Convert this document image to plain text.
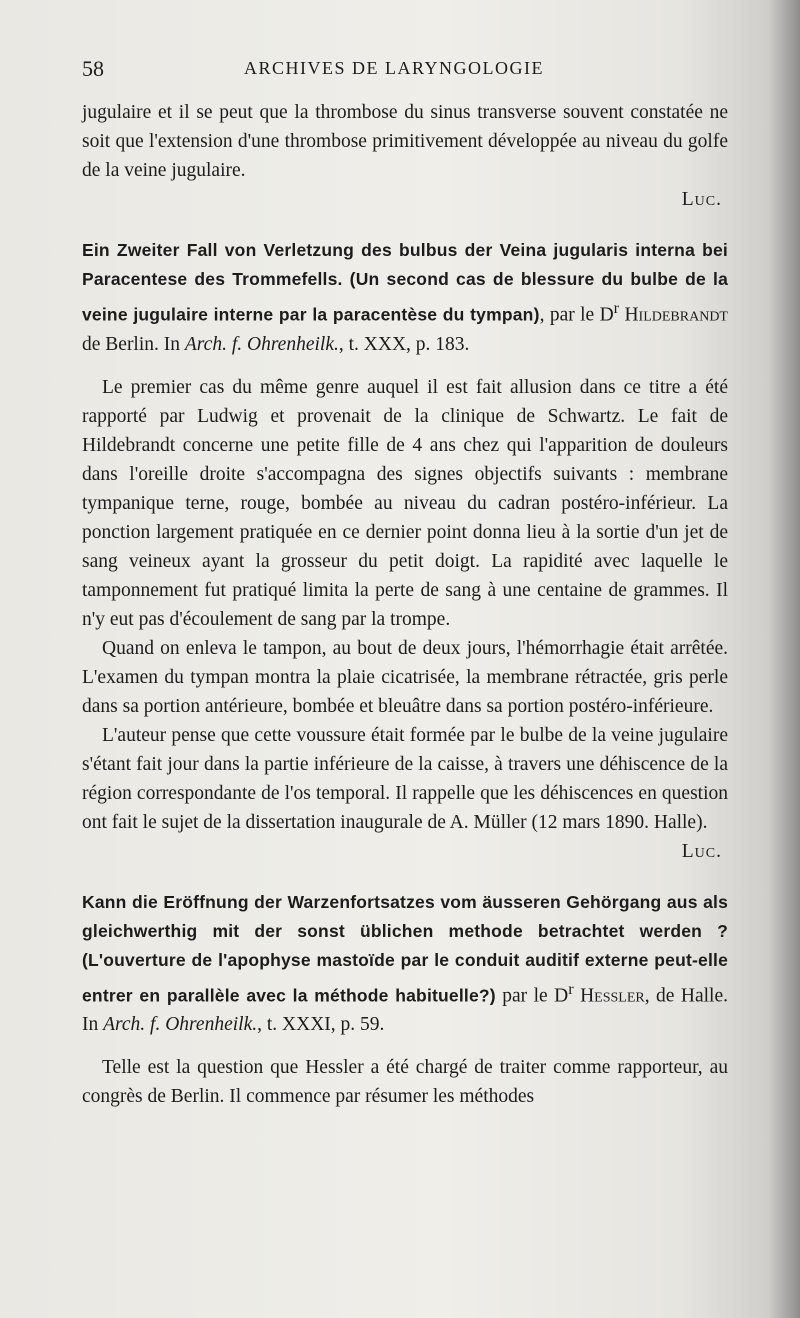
58	ARCHIVES DE LARYNGOLOGIE

jugulaire et il se peut que la thrombose du sinus transverse souvent constatée ne soit que l'extension d'une thrombose primitivement développée au niveau du golfe de la veine jugulaire.

Luc.

Ein Zweiter Fall von Verletzung des bulbus der Veina jugularis interna bei Paracentese des Trommefells. (Un second cas de blessure du bulbe de la veine jugulaire interne par la paracentèse du tympan), par le $D^r$ Hildebrandt de Berlin. In Arch. f. Ohrenheilk., t. XXX, p. 183.

Le premier cas du même genre auquel il est fait allusion dans ce titre a été rapporté par Ludwig et provenait de la clinique de Schwartz. Le fait de Hildebrandt concerne une petite fille de 4 ans chez qui l'apparition de douleurs dans l'oreille droite s'accompagna des signes objectifs suivants : membrane tympanique terne, rouge, bombée au niveau du cadran postéro-inférieur. La ponction largement pratiquée en ce dernier point donna lieu à la sortie d'un jet de sang veineux ayant la grosseur du petit doigt. La rapidité avec laquelle le tamponnement fut pratiqué limita la perte de sang à une centaine de grammes. Il n'y eut pas d'écoulement de sang par la trompe.

Quand on enleva le tampon, au bout de deux jours, l'hémorrhagie était arrêtée. L'examen du tympan montra la plaie cicatrisée, la membrane rétractée, gris perle dans sa portion antérieure, bombée et bleuâtre dans sa portion postéro-inférieure.

L'auteur pense que cette voussure était formée par le bulbe de la veine jugulaire s'étant fait jour dans la partie inférieure de la caisse, à travers une déhiscence de la région correspondante de l'os temporal. Il rappelle que les déhiscences en question ont fait le sujet de la dissertation inaugurale de A. Müller (12 mars 1890. Halle).

Luc.

Kann die Eröffnung der Warzenfortsatzes vom äusseren Gehörgang aus als gleichwerthig mit der sonst üblichen methode betrachtet werden ? (L'ouverture de l'apophyse mastoïde par le conduit auditif externe peut-elle entrer en parallèle avec la méthode habituelle?) par le $D^r$ Hessler, de Halle. In Arch. f. Ohrenheilk., t. XXXI, p. 59.

Telle est la question que Hessler a été chargé de traiter comme rapporteur, au congrès de Berlin. Il commence par résumer les méthodes
